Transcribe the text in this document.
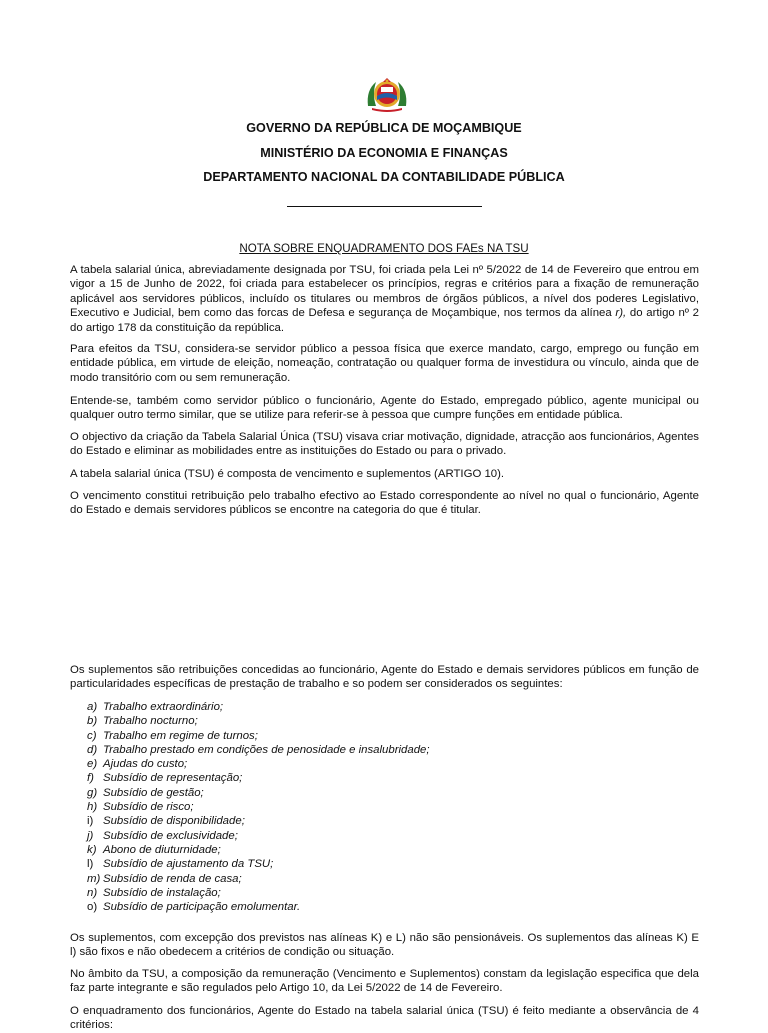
GOVERNO DA REPÚBLICA DE MOÇAMBIQUE
MINISTÉRIO DA ECONOMIA E FINANÇAS
DEPARTAMENTO NACIONAL DA CONTABILIDADE PÚBLICA
NOTA SOBRE ENQUADRAMENTO DOS FAEs NA TSU

A tabela salarial única, abreviadamente designada por TSU, foi criada pela Lei nº 5/2022 de 14 de Fevereiro que entrou em vigor a 15 de Junho de 2022, foi criada para estabelecer os princípios, regras e critérios para a fixação de remuneração aplicável aos servidores públicos, incluído os titulares ou membros de órgãos públicos, a nível dos poderes Legislativo, Executivo e Judicial, bem como das forcas de Defesa e segurança de Moçambique, nos termos da alínea r), do artigo nº 2 do artigo 178 da constituição da república.

Para efeitos da TSU, considera-se servidor público a pessoa física que exerce mandato, cargo, emprego ou função em entidade pública, em virtude de eleição, nomeação, contratação ou qualquer forma de investidura ou vínculo, ainda que de modo transitório com ou sem remuneração.

Entende-se, também como servidor público o funcionário, Agente do Estado, empregado público, agente municipal ou qualquer outro termo similar, que se utilize para referir-se à pessoa que cumpre funções em entidade pública.

O objectivo da criação da Tabela Salarial Única (TSU) visava criar motivação, dignidade, atracção aos funcionários, Agentes do Estado e eliminar as mobilidades entre as instituições do Estado ou para o privado.

A tabela salarial única (TSU) é composta de vencimento e suplementos (ARTIGO 10).

O vencimento constitui retribuição pelo trabalho efectivo ao Estado correspondente ao nível no qual o funcionário, Agente do Estado e demais servidores públicos se encontre na categoria do que é titular.

Os suplementos são retribuições concedidas ao funcionário, Agente do Estado e demais servidores públicos em função de particularidades específicas de prestação de trabalho e so podem ser considerados os seguintes:

a) Trabalho extraordinário;
b) Trabalho nocturno;
c) Trabalho em regime de turnos;
d) Trabalho prestado em condições de penosidade e insalubridade;
e) Ajudas do custo;
f) Subsídio de representação;
g) Subsídio de gestão;
h) Subsídio de risco;
i) Subsídio de disponibilidade;
j) Subsídio de exclusividade;
k) Abono de diuturnidade;
l) Subsídio de ajustamento da TSU;
m) Subsídio de renda de casa;
n) Subsídio de instalação;
o) Subsídio de participação emolumentar.

Os suplementos, com excepção dos previstos nas alíneas K) e L) não são pensionáveis. Os suplementos das alíneas K) E l) são fixos e não obedecem a critérios de condição ou situação.

No âmbito da TSU, a composição da remuneração (Vencimento e Suplementos) constam da legislação especifica que dela faz parte integrante e são regulados pelo Artigo 10, da Lei 5/2022 de 14 de Fevereiro.

O enquadramento dos funcionários, Agente do Estado na tabela salarial única (TSU) é feito mediante a observância de 4 critérios:
